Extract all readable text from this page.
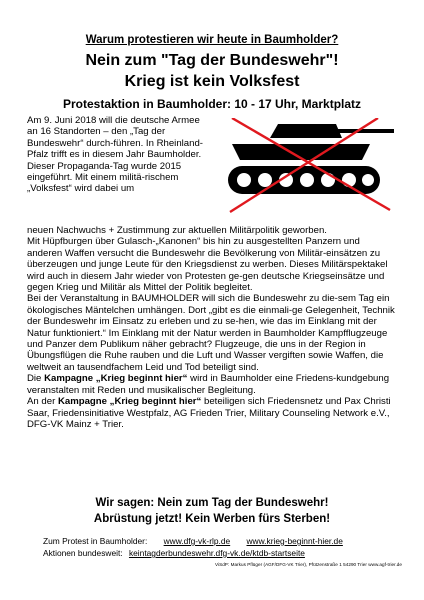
Warum protestieren wir heute in Baumholder?
Nein zum "Tag der Bundeswehr"!
Krieg ist kein Volksfest
Protestaktion in Baumholder: 10 - 17 Uhr, Marktplatz

Am 9. Juni 2018 will die deutsche Armee an 16 Standorten – den „Tag der Bundeswehr“ durch-führen. In Rheinland-Pfalz trifft es in diesem Jahr Baumholder.

Dieser Propaganda-Tag wurde 2015 eingeführt. Mit einem militä-rischem „Volksfest“ wird dabei um

neuen Nachwuchs + Zustimmung zur aktuellen Militärpolitik geworben.

Mit Hüpfburgen über Gulasch-„Kanonen“ bis hin zu ausgestellten Panzern und anderen Waffen versucht die Bundeswehr die Bevölkerung von Militär-einsätzen zu überzeugen und junge Leute für den Kriegsdienst zu werben. Dieses Militärspektakel wird auch in diesem Jahr wieder von Protesten ge-gen deutsche Kriegseinsätze und gegen Krieg und Militär als Mittel der Politik begleitet.

Bei der Veranstaltung in BAUMHOLDER will sich die Bundeswehr zu die-sem Tag ein ökologisches Mäntelchen umhängen. Dort „gibt es die einmali-ge Gelegenheit, Technik der Bundeswehr im Einsatz zu erleben und zu se-hen, wie das im Einklang mit der Natur funktioniert.“ Im Einklang mit der Natur werden in Baumholder Kampfflugzeuge und Panzer dem Publikum näher gebracht? Flugzeuge, die uns in der Region in Übungsflügen die Ruhe rauben und die Luft und Wasser vergiften sowie Waffen, die weltweit an tausendfachem Leid und Tod beteiligt sind.

Die Kampagne „Krieg beginnt hier“ wird in Baumholder eine Friedens-kundgebung veranstalten mit Reden und musikalischer Begleitung.

An der Kampagne „Krieg beginnt hier“ beteiligen sich Friedensnetz und Pax Christi Saar, Friedensinitiative Westpfalz, AG Frieden Trier, Military Counseling Network e.V., DFG-VK Mainz + Trier.

Wir sagen: Nein zum Tag der Bundeswehr!
Abrüstung jetzt! Kein Werben fürs Sterben!
Zum Protest in Baumholder: www.dfg-vk-rlp.de www.krieg-beginnt-hier.de
Aktionen bundesweit: keintagderbundeswehr.dfg-vk.de/ktdb-startseite
ViSdP: Markus Pflüger (AGF/DFG-VK Trier), Pfützenstraße 1 54290 Trier www.agf-trier.de
